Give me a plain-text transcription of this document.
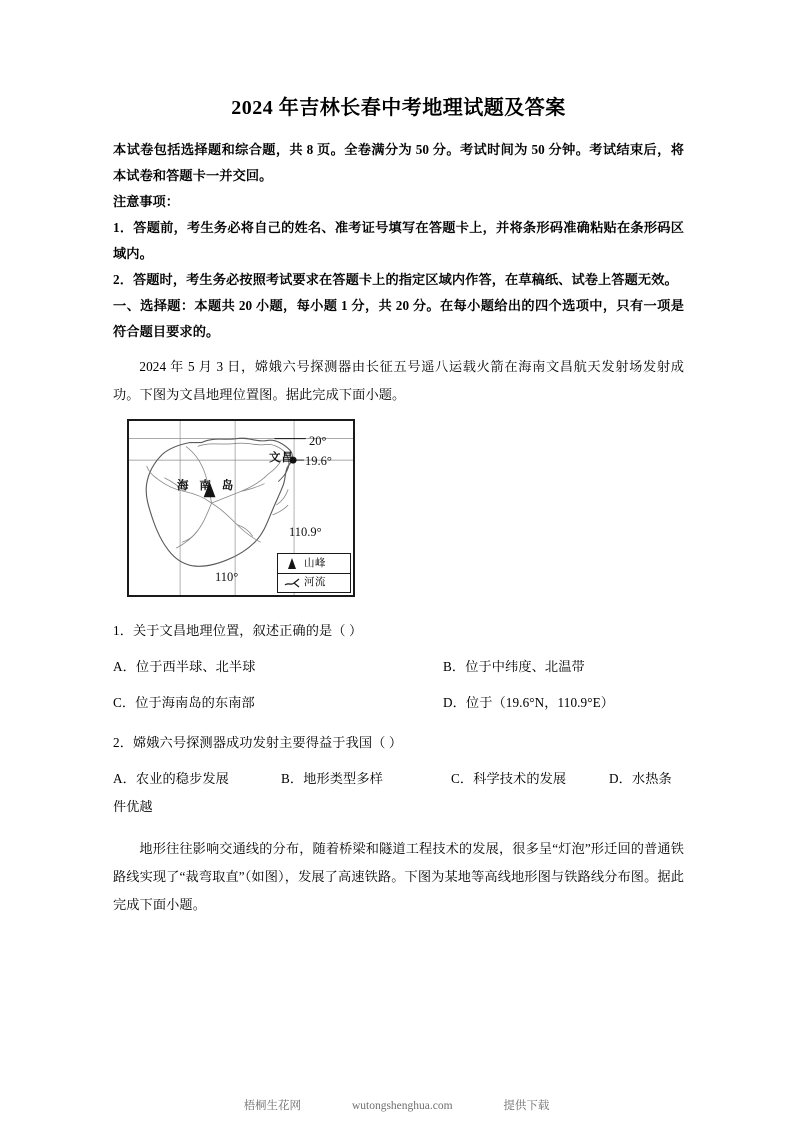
2024 年吉林长春中考地理试题及答案

本试卷包括选择题和综合题，共 8 页。全卷满分为 50 分。考试时间为 50 分钟。考试结束后，将本试卷和答题卡一并交回。

注意事项：

1．答题前，考生务必将自己的姓名、准考证号填写在答题卡上，并将条形码准确粘贴在条形码区域内。

2．答题时，考生务必按照考试要求在答题卡上的指定区域内作答，在草稿纸、试卷上答题无效。

一、选择题：本题共 20 小题，每小题 1 分，共 20 分。在每小题给出的四个选项中，只有一项是符合题目要求的。

2024 年 5 月 3 日，嫦娥六号探测器由长征五号遥八运载火箭在海南文昌航天发射场发射成功。下图为文昌地理位置图。据此完成下面小题。

海 南 岛
文昌
20°
19.6°
110.9°
110°
山峰
河流

1．关于文昌地理位置，叙述正确的是（ ）

A．位于西半球、北半球	B．位于中纬度、北温带
C．位于海南岛的东南部	D．位于（19.6°N，110.9°E）

2．嫦娥六号探测器成功发射主要得益于我国（ ）

A．农业的稳步发展	B．地形类型多样	C．科学技术的发展	D．水热条

件优越

地形往往影响交通线的分布，随着桥梁和隧道工程技术的发展，很多呈“灯泡”形迁回的普通铁路线实现了“裁弯取直”（如图），发展了高速铁路。下图为某地等高线地形图与铁路线分布图。据此完成下面小题。

梧桐生花网	wutongshenghua.com	提供下载
